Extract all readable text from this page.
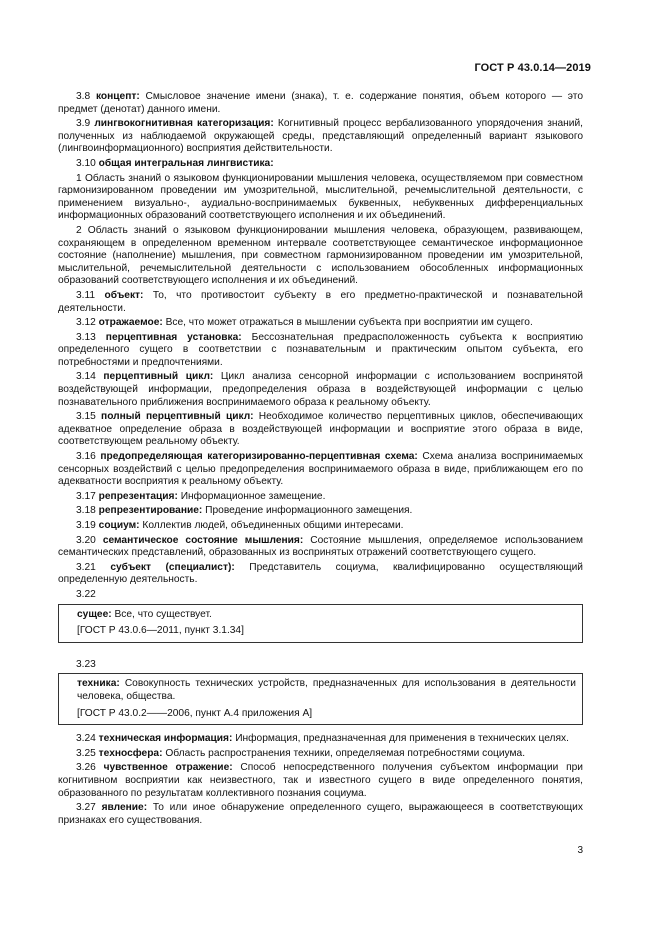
ГОСТ Р 43.0.14—2019

3.8 концепт: Смысловое значение имени (знака), т. е. содержание понятия, объем которого — это предмет (денотат) данного имени.

3.9 лингвокогнитивная категоризация: Когнитивный процесс вербализованного упорядочения знаний, полученных из наблюдаемой окружающей среды, представляющий определенный вариант языкового (лингвоинформационного) восприятия действительности.

3.10 общая интегральная лингвистика:

1 Область знаний о языковом функционировании мышления человека, осуществляемом при совместном гармонизированном проведении им умозрительной, мыслительной, речемыслительной деятельности, с применением визуально-, аудиально-воспринимаемых буквенных, небуквенных дифференциальных информационных образований соответствующего исполнения и их объединений.

2 Область знаний о языковом функционировании мышления человека, образующем, развивающем, сохраняющем в определенном временном интервале соответствующее семантическое информационное состояние (наполнение) мышления, при совместном гармонизированном проведении им умозрительной, мыслительной, речемыслительной деятельности с использованием обособленных информационных образований соответствующего исполнения и их объединений.

3.11 объект: То, что противостоит субъекту в его предметно-практической и познавательной деятельности.

3.12 отражаемое: Все, что может отражаться в мышлении субъекта при восприятии им сущего.

3.13 перцептивная установка: Бессознательная предрасположенность субъекта к восприятию определенного сущего в соответствии с познавательным и практическим опытом субъекта, его потребностями и предпочтениями.

3.14 перцептивный цикл: Цикл анализа сенсорной информации с использованием воспринятой воздействующей информации, предопределения образа в воздействующей информации с целью познавательного приближения воспринимаемого образа к реальному объекту.

3.15 полный перцептивный цикл: Необходимое количество перцептивных циклов, обеспечивающих адекватное определение образа в воздействующей информации и восприятие этого образа в виде, соответствующем реальному объекту.

3.16 предопределяющая категоризированно-перцептивная схема: Схема анализа воспринимаемых сенсорных воздействий с целью предопределения воспринимаемого образа в виде, приближающем его по адекватности восприятия к реальному объекту.

3.17 репрезентация: Информационное замещение.

3.18 репрезентирование: Проведение информационного замещения.

3.19 социум: Коллектив людей, объединенных общими интересами.

3.20 семантическое состояние мышления: Состояние мышления, определяемое использованием семантических представлений, образованных из воспринятых отражений соответствующего сущего.

3.21 субъект (специалист): Представитель социума, квалифицированно осуществляющий определенную деятельность.

3.22

сущее: Все, что существует.

[ГОСТ Р 43.0.6—2011, пункт 3.1.34]

3.23

техника: Совокупность технических устройств, предназначенных для использования в деятельности человека, общества.

[ГОСТ Р 43.0.2——2006, пункт А.4 приложения А]

3.24 техническая информация: Информация, предназначенная для применения в технических целях.

3.25 техносфера: Область распространения техники, определяемая потребностями социума.

3.26 чувственное отражение: Способ непосредственного получения субъектом информации при когнитивном восприятии как неизвестного, так и известного сущего в виде определенного понятия, образованного по результатам коллективного познания социума.

3.27 явление: То или иное обнаружение определенного сущего, выражающееся в соответствующих признаках его существования.

3
